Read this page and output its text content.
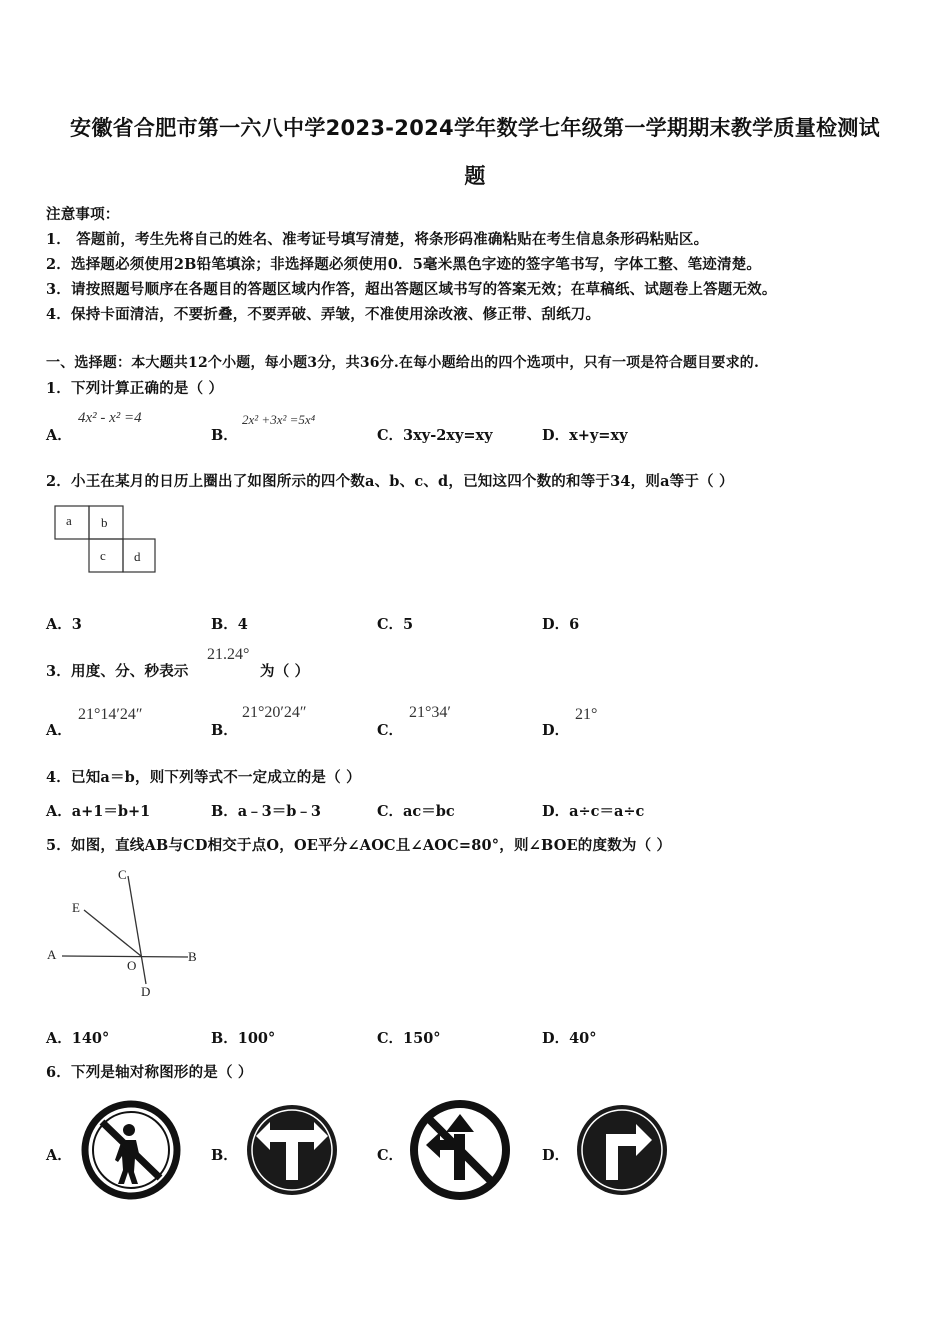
安徽省合肥市第一六八中学2023-2024学年数学七年级第一学期期末教学质量检测试
题
注意事项：
1． 答题前，考生先将自己的姓名、准考证号填写清楚，将条形码准确粘贴在考生信息条形码粘贴区。
2．选择题必须使用2B铅笔填涂；非选择题必须使用0．5毫米黑色字迹的签字笔书写，字体工整、笔迹清楚。
3．请按照题号顺序在各题目的答题区域内作答，超出答题区域书写的答案无效；在草稿纸、试题卷上答题无效。
4．保持卡面清洁，不要折叠，不要弄破、弄皱，不准使用涂改液、修正带、刮纸刀。
一、选择题：本大题共12个小题，每小题3分，共36分.在每小题给出的四个选项中，只有一项是符合题目要求的.
1．下列计算正确的是（ ）
A．
4x² - x² =4
B．
2x² +3x² =5x⁴
C．3xy-2xy=xy	D．x+y=xy
2．小王在某月的日历上圈出了如图所示的四个数a、b、c、d，已知这四个数的和等于34，则a等于（ ）
a b
c d
A．3	B．4	C．5	D．6
3．用度、分、秒表示
21.24°
为（ ）
A．
21°14′24″
B．
21°20′24″
C．
21°34′
D．
21°
4．已知a＝b，则下列等式不一定成立的是（ ）
A．a+1＝b+1	B．a﹣3＝b﹣3	C．ac＝bc	D．a÷c＝a÷c
5．如图，直线AB与CD相交于点O，OE平分∠AOC且∠AOC=80°，则∠BOE的度数为（ ）
A	B
C
D
E
O
A．140°	B．100°	C．150°	D．40°
6．下列是轴对称图形的是（ ）
A．	B．	C．	D．
